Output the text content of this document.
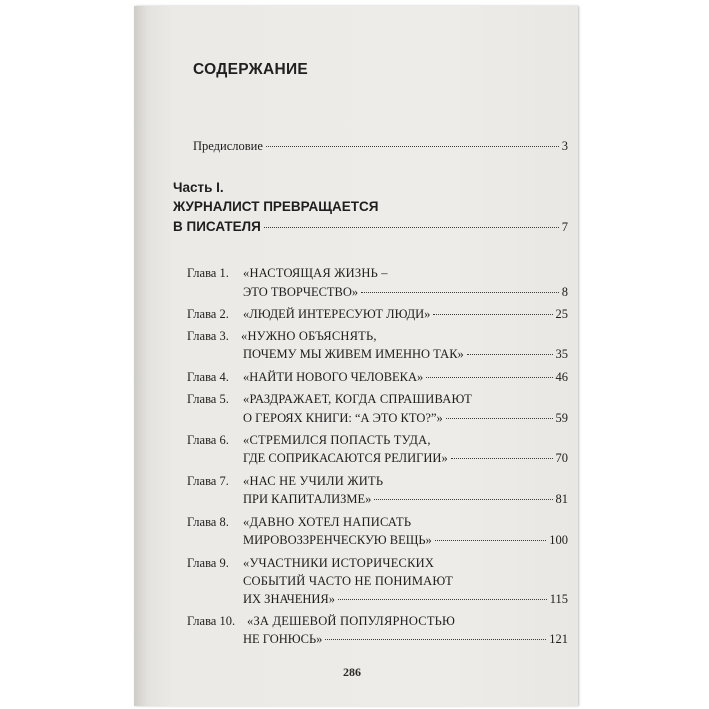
СОДЕРЖАНИЕ
Предисловие	3
Часть I.
ЖУРНАЛИСТ ПРЕВРАЩАЕТСЯ
В ПИСАТЕЛЯ	7
Глава 1. «НАСТОЯЩАЯ ЖИЗНЬ –
ЭТО ТВОРЧЕСТВО»	8
Глава 2. «ЛЮДЕЙ ИНТЕРЕСУЮТ ЛЮДИ»	25
Глава 3. «НУЖНО ОБЪЯСНЯТЬ,
ПОЧЕМУ МЫ ЖИВЕМ ИМЕННО ТАК»	35
Глава 4. «НАЙТИ НОВОГО ЧЕЛОВЕКА»	46
Глава 5. «РАЗДРАЖАЕТ, КОГДА СПРАШИВАЮТ
О ГЕРОЯХ КНИГИ: “А ЭТО КТО?”»	59
Глава 6. «СТРЕМИЛСЯ ПОПАСТЬ ТУДА,
ГДЕ СОПРИКАСАЮТСЯ РЕЛИГИИ»	70
Глава 7. «НАС НЕ УЧИЛИ ЖИТЬ
ПРИ КАПИТАЛИЗМЕ»	81
Глава 8. «ДАВНО ХОТЕЛ НАПИСАТЬ
МИРОВОЗЗРЕНЧЕСКУЮ ВЕЩЬ»	100
Глава 9. «УЧАСТНИКИ ИСТОРИЧЕСКИХ
СОБЫТИЙ ЧАСТО НЕ ПОНИМАЮТ
ИХ ЗНАЧЕНИЯ»	115
Глава 10. «ЗА ДЕШЕВОЙ ПОПУЛЯРНОСТЬЮ
НЕ ГОНЮСЬ»	121
286
